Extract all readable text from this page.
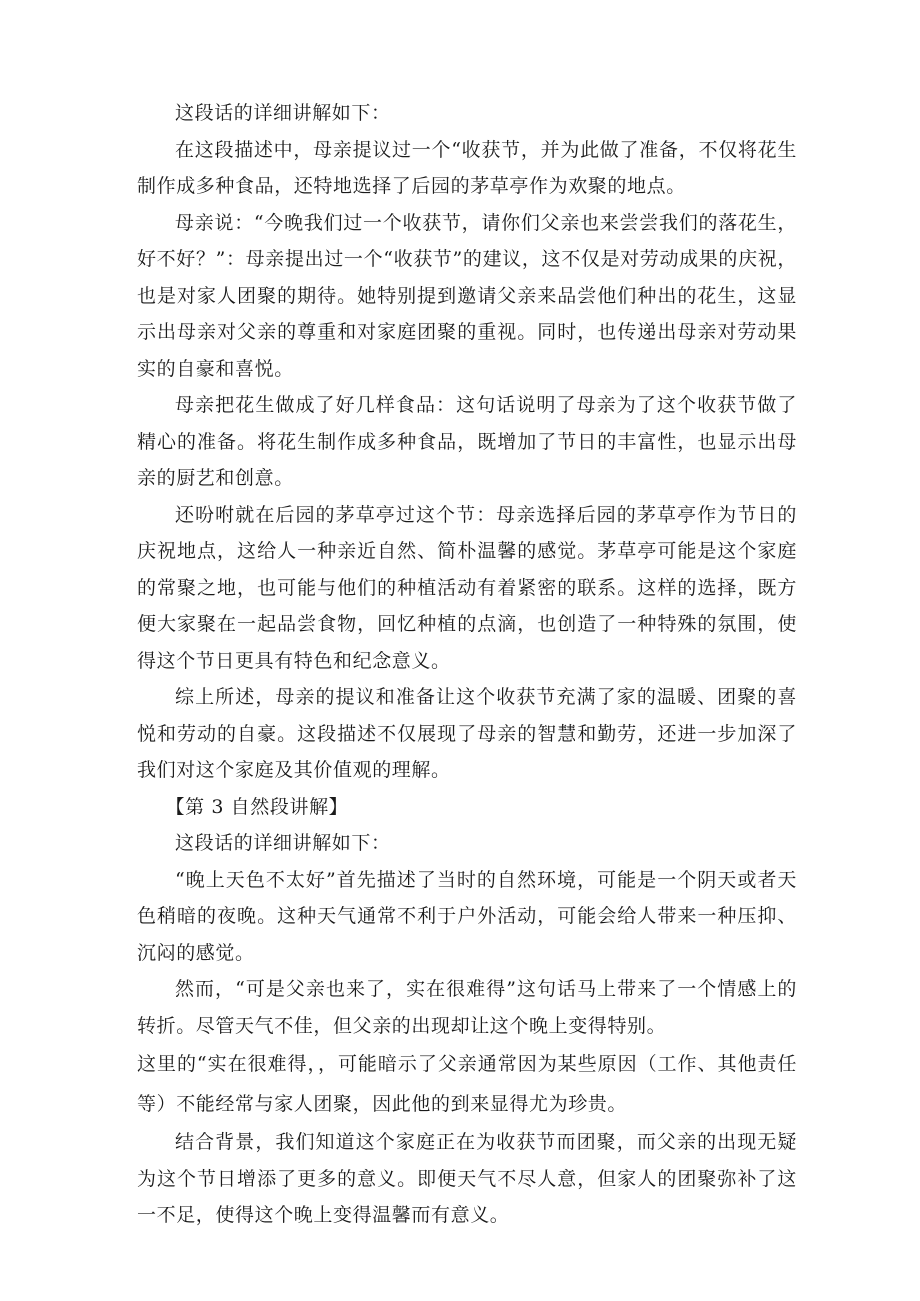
这段话的详细讲解如下：

在这段描述中，母亲提议过一个“收获节，并为此做了准备，不仅将花生制作成多种食品，还特地选择了后园的茅草亭作为欢聚的地点。

母亲说：“今晚我们过一个收获节，请你们父亲也来尝尝我们的落花生，好不好？”：母亲提出过一个“收获节”的建议，这不仅是对劳动成果的庆祝，也是对家人团聚的期待。她特别提到邀请父亲来品尝他们种出的花生，这显示出母亲对父亲的尊重和对家庭团聚的重视。同时，也传递出母亲对劳动果实的自豪和喜悦。

母亲把花生做成了好几样食品：这句话说明了母亲为了这个收获节做了精心的准备。将花生制作成多种食品，既增加了节日的丰富性，也显示出母亲的厨艺和创意。

还吩咐就在后园的茅草亭过这个节：母亲选择后园的茅草亭作为节日的庆祝地点，这给人一种亲近自然、简朴温馨的感觉。茅草亭可能是这个家庭的常聚之地，也可能与他们的种植活动有着紧密的联系。这样的选择，既方便大家聚在一起品尝食物，回忆种植的点滴，也创造了一种特殊的氛围，使得这个节日更具有特色和纪念意义。

综上所述，母亲的提议和准备让这个收获节充满了家的温暖、团聚的喜悦和劳动的自豪。这段描述不仅展现了母亲的智慧和勤劳，还进一步加深了我们对这个家庭及其价值观的理解。

【第 3 自然段讲解】

这段话的详细讲解如下：

“晚上天色不太好”首先描述了当时的自然环境，可能是一个阴天或者天色稍暗的夜晚。这种天气通常不利于户外活动，可能会给人带来一种压抑、沉闷的感觉。

然而，“可是父亲也来了，实在很难得”这句话马上带来了一个情感上的转折。尽管天气不佳，但父亲的出现却让这个晚上变得特别。

这里的“实在很难得，，可能暗示了父亲通常因为某些原因（工作、其他责任等）不能经常与家人团聚，因此他的到来显得尤为珍贵。

结合背景，我们知道这个家庭正在为收获节而团聚，而父亲的出现无疑为这个节日增添了更多的意义。即便天气不尽人意，但家人的团聚弥补了这一不足，使得这个晚上变得温馨而有意义。
